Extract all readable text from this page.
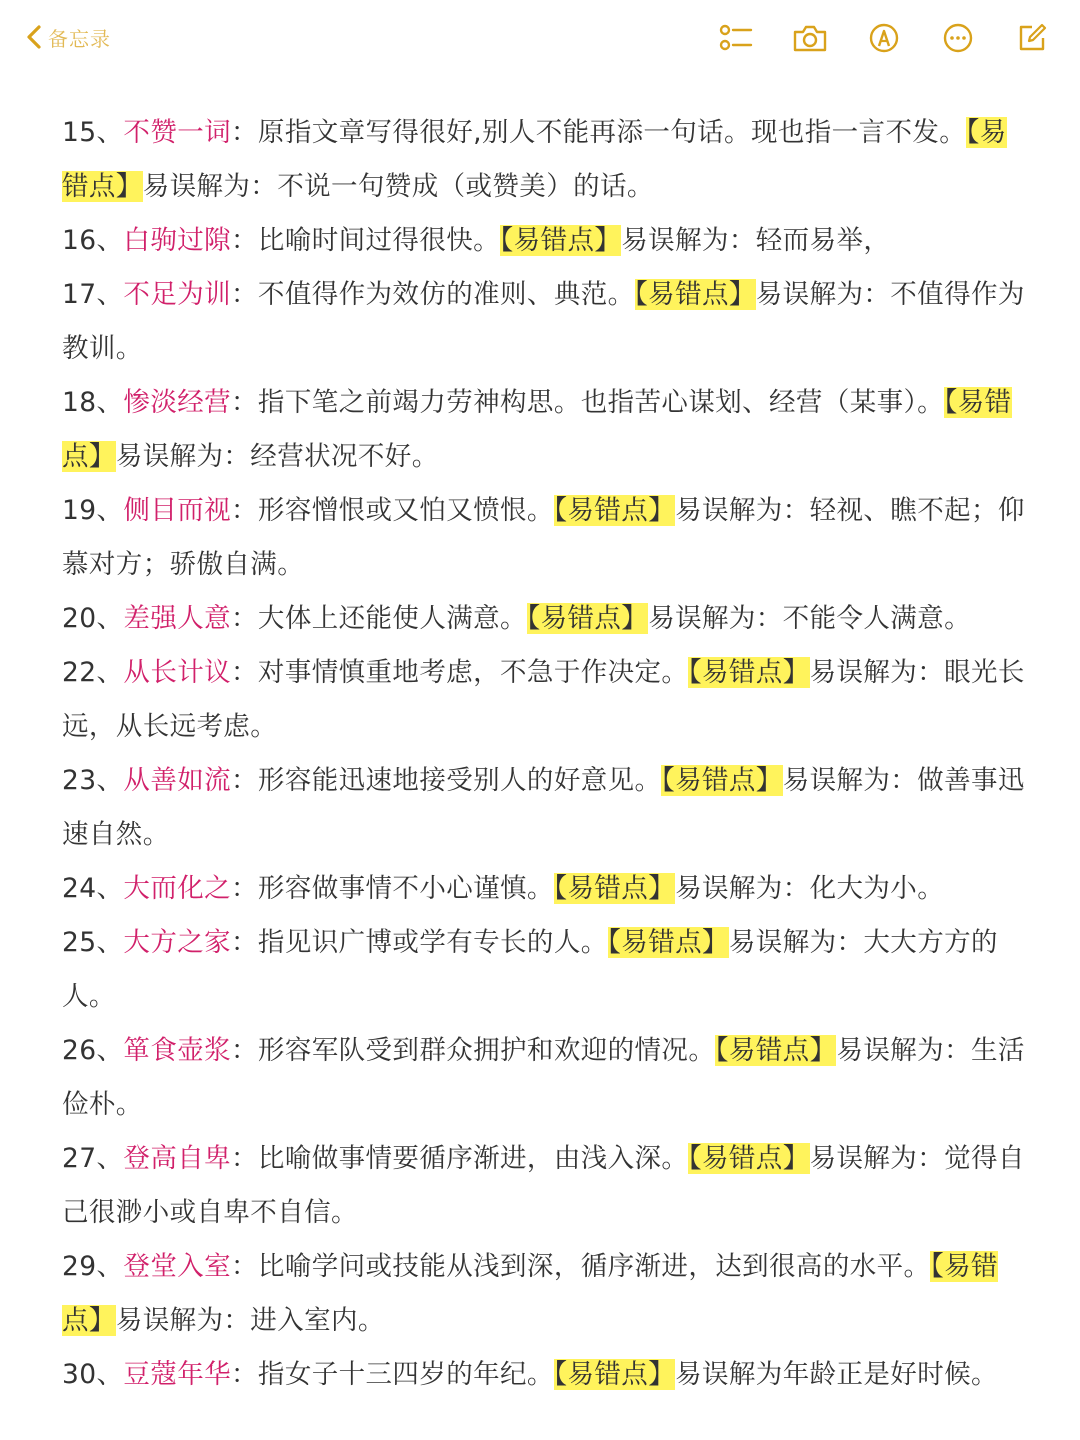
备忘录

15、不赞一词：原指文章写得很好,别人不能再添一句话。现也指一言不发。【易错点】易误解为：不说一句赞成（或赞美）的话。

16、白驹过隙：比喻时间过得很快。【易错点】易误解为：轻而易举，

17、不足为训：不值得作为效仿的准则、典范。【易错点】易误解为：不值得作为教训。

18、惨淡经营：指下笔之前竭力劳神构思。也指苦心谋划、经营（某事）。【易错点】易误解为：经营状况不好。

19、侧目而视：形容憎恨或又怕又愤恨。【易错点】易误解为：轻视、瞧不起；仰慕对方；骄傲自满。

20、差强人意：大体上还能使人满意。【易错点】易误解为：不能令人满意。

22、从长计议：对事情慎重地考虑，不急于作决定。【易错点】易误解为：眼光长远，从长远考虑。

23、从善如流：形容能迅速地接受别人的好意见。【易错点】易误解为：做善事迅速自然。

24、大而化之：形容做事情不小心谨慎。【易错点】易误解为：化大为小。

25、大方之家：指见识广博或学有专长的人。【易错点】易误解为：大大方方的人。

26、箪食壶浆：形容军队受到群众拥护和欢迎的情况。【易错点】易误解为：生活俭朴。

27、登高自卑：比喻做事情要循序渐进，由浅入深。【易错点】易误解为：觉得自己很渺小或自卑不自信。

29、登堂入室：比喻学问或技能从浅到深，循序渐进，达到很高的水平。【易错点】易误解为：进入室内。

30、豆蔻年华：指女子十三四岁的年纪。【易错点】易误解为年龄正是好时候。
